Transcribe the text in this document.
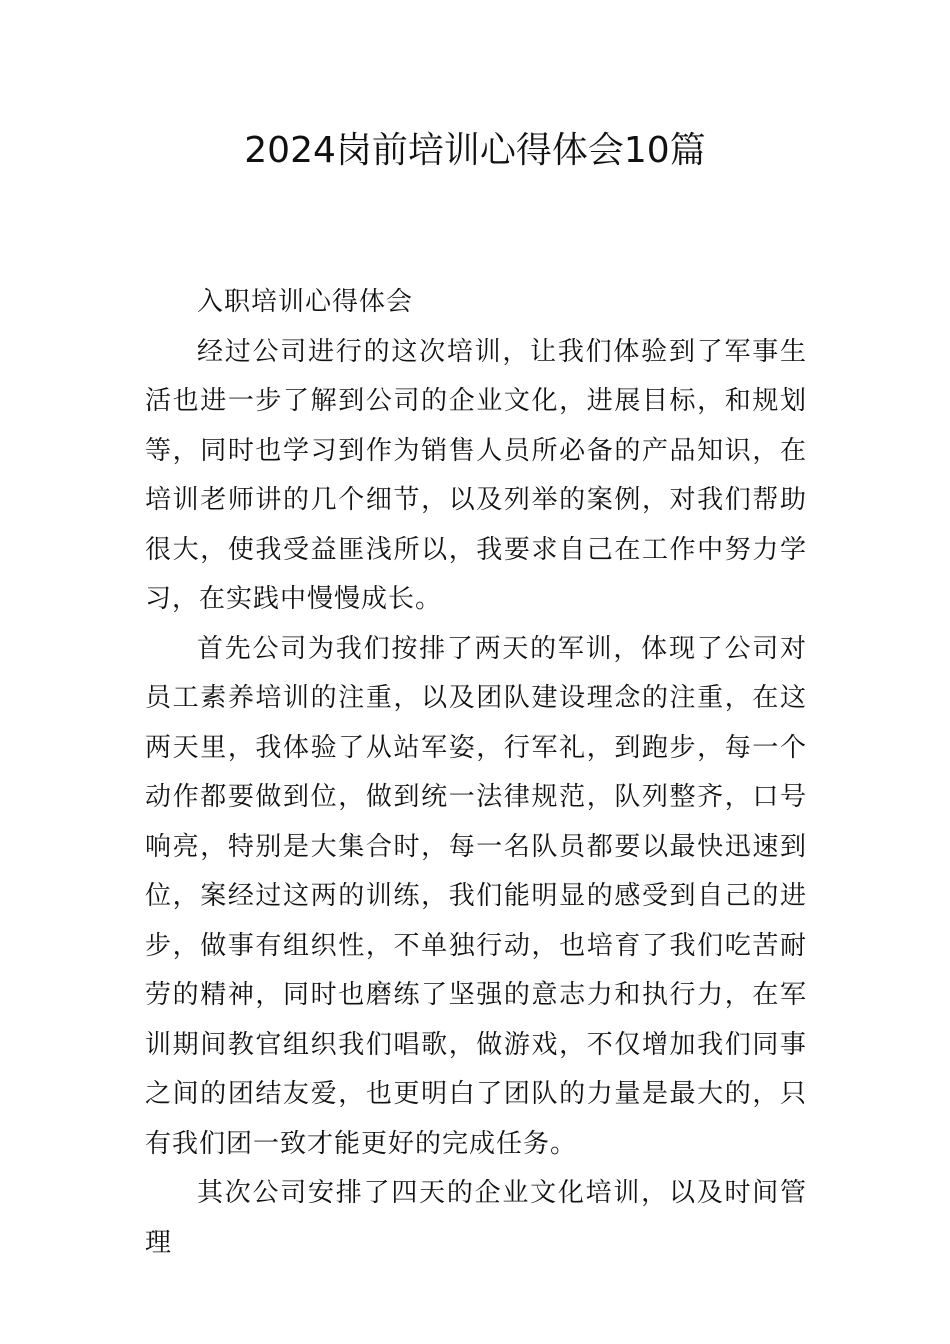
2024岗前培训心得体会10篇

入职培训心得体会

经过公司进行的这次培训，让我们体验到了军事生活也进一步了解到公司的企业文化，进展目标，和规划等，同时也学习到作为销售人员所必备的产品知识，在培训老师讲的几个细节，以及列举的案例，对我们帮助很大，使我受益匪浅所以，我要求自己在工作中努力学习，在实践中慢慢成长。

首先公司为我们按排了两天的军训，体现了公司对员工素养培训的注重，以及团队建设理念的注重，在这两天里，我体验了从站军姿，行军礼，到跑步，每一个动作都要做到位，做到统一法律规范，队列整齐，口号响亮，特别是大集合时，每一名队员都要以最快迅速到位，案经过这两的训练，我们能明显的感受到自己的进步，做事有组织性，不单独行动，也培育了我们吃苦耐劳的精神，同时也磨练了坚强的意志力和执行力，在军训期间教官组织我们唱歌，做游戏，不仅增加我们同事之间的团结友爱，也更明白了团队的力量是最大的，只有我们团一致才能更好的完成任务。

其次公司安排了四天的企业文化培训，以及时间管理
